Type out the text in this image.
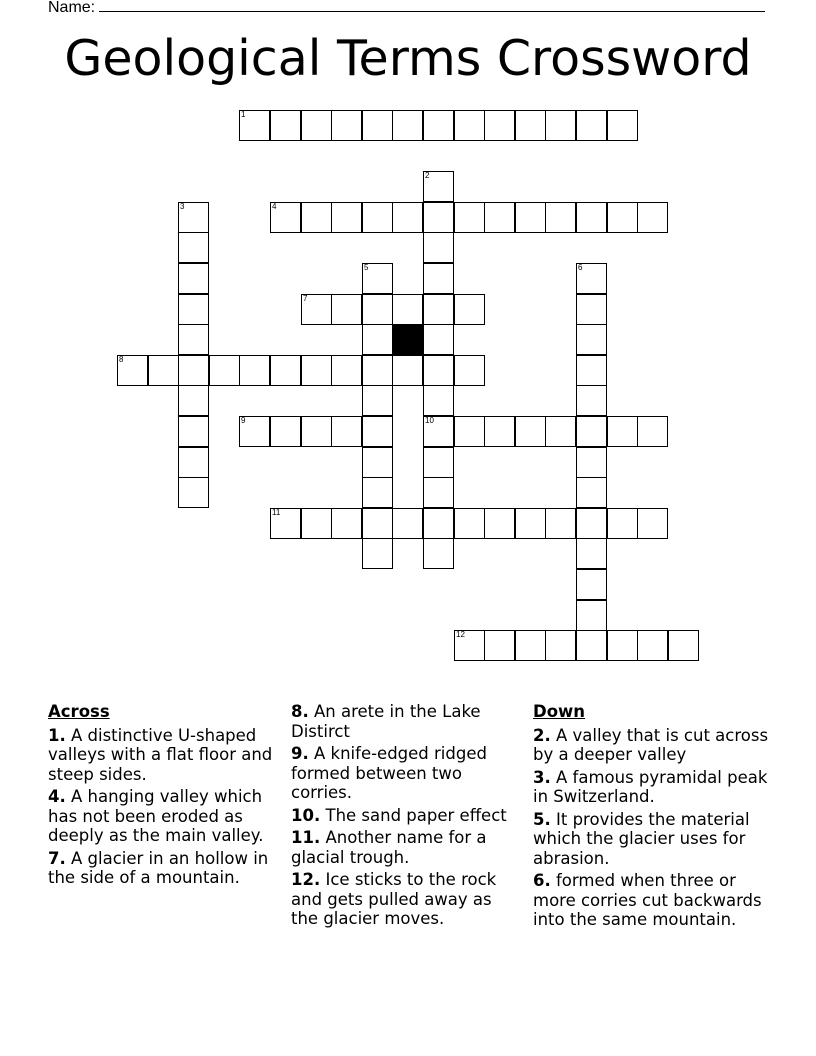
Name:
Geological Terms Crossword
1
2
10
3	4
5	6
7
8
9
11
12
Across
1. A distinctive U-shaped valleys with a flat floor and steep sides.
4. A hanging valley which has not been eroded as deeply as the main valley.
7. A glacier in an hollow in the side of a mountain.
8. An arete in the Lake Distirct
9. A knife-edged ridged formed between two corries.
10. The sand paper effect
11. Another name for a glacial trough.
12. Ice sticks to the rock and gets pulled away as the glacier moves.
Down
2. A valley that is cut across by a deeper valley
3. A famous pyramidal peak in Switzerland.
5. It provides the material which the glacier uses for abrasion.
6. formed when three or more corries cut backwards into the same mountain.
